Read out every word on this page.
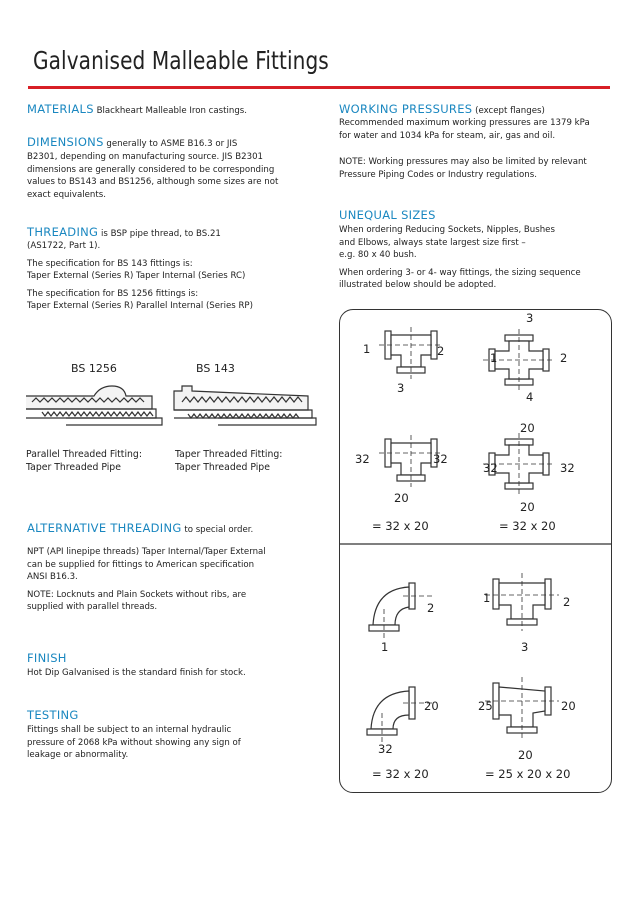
Galvanised Malleable Fittings

MATERIALS Blackheart Malleable Iron castings.

DIMENSIONS generally to ASME B16.3 or JIS

B2301, depending on manufacturing source. JIS B2301

dimensions are generally considered to be corresponding

values to BS143 and BS1256, although some sizes are not

exact equivalents.

THREADING is BSP pipe thread, to BS.21

(AS1722, Part 1).

The specification for BS 143 fittings is:

Taper External (Series R) Taper Internal (Series RC)

The specification for BS 1256 fittings is:

Taper External (Series R) Parallel Internal (Series RP)

BS 1256	BS 143

Parallel Threaded Fitting:

Taper Threaded Pipe

Taper Threaded Fitting:

Taper Threaded Pipe

ALTERNATIVE THREADING to special order.

NPT (API linepipe threads) Taper Internal/Taper External

can be supplied for fittings to American specification

ANSI B16.3.

NOTE: Locknuts and Plain Sockets without ribs, are

supplied with parallel threads.

FINISH

Hot Dip Galvanised is the standard finish for stock.

TESTING

Fittings shall be subject to an internal hydraulic

pressure of 2068 kPa without showing any sign of

leakage or abnormality.

WORKING PRESSURES (except flanges)

Recommended maximum working pressures are 1379 kPa

for water and 1034 kPa for steam, air, gas and oil.

NOTE: Working pressures may also be limited by relevant

Pressure Piping Codes or Industry regulations.

UNEQUAL SIZES

When ordering Reducing Sockets, Nipples, Bushes

and Elbows, always state largest size first –

e.g. 80 x 40 bush.

When ordering 3- or 4- way fittings, the sizing sequence

illustrated below should be adopted.

1	2
3
3
1	2
4
32	32
20
= 32 x 20
20
32	32
20
= 32 x 20
2
1
1	2
3
20
32
= 32 x 20
25	20
20
= 25 x 20 x 20
